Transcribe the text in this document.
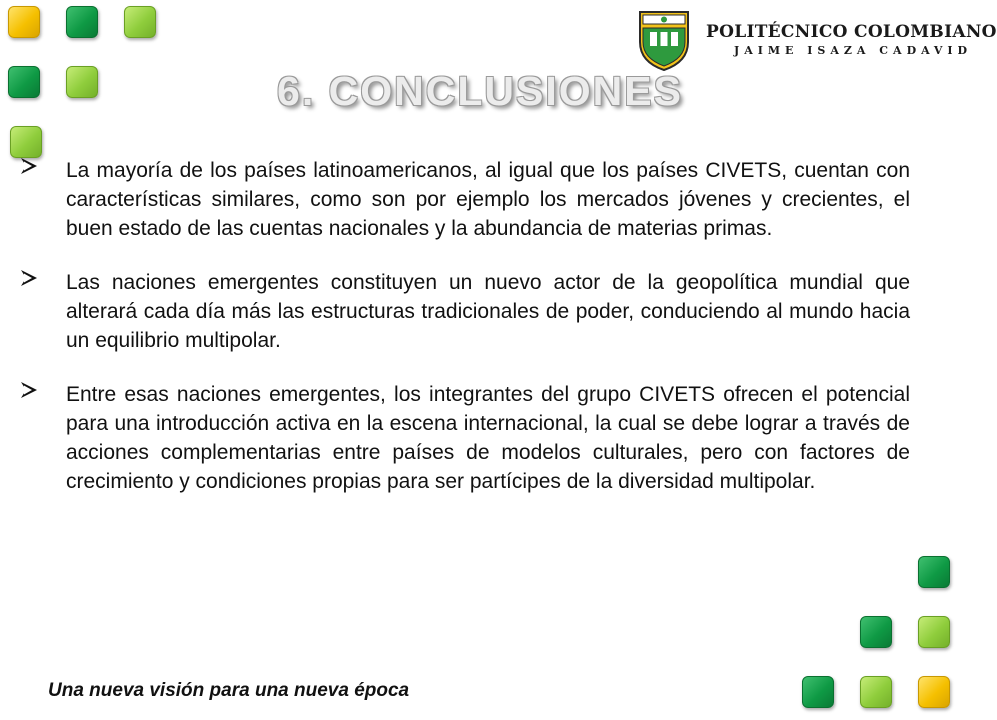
POLITÉCNICO COLOMBIANO
JAIME ISAZA CADAVID
6. CONCLUSIONES

La mayoría de los países latinoamericanos, al igual que los países CIVETS, cuentan con características similares, como son por ejemplo los mercados jóvenes y crecientes, el buen estado de las cuentas nacionales y la abundancia de materias primas.

Las naciones emergentes constituyen un nuevo actor de la geopolítica mundial que alterará cada día más las estructuras tradicionales de poder, conduciendo al mundo hacia un equilibrio multipolar.

Entre esas naciones emergentes, los integrantes del grupo CIVETS ofrecen el potencial para una introducción activa en la escena internacional, la cual se debe lograr a través de acciones complementarias entre países de modelos culturales, pero con factores de crecimiento y condiciones propias para ser partícipes de la diversidad multipolar.

Una nueva visión para una nueva época
